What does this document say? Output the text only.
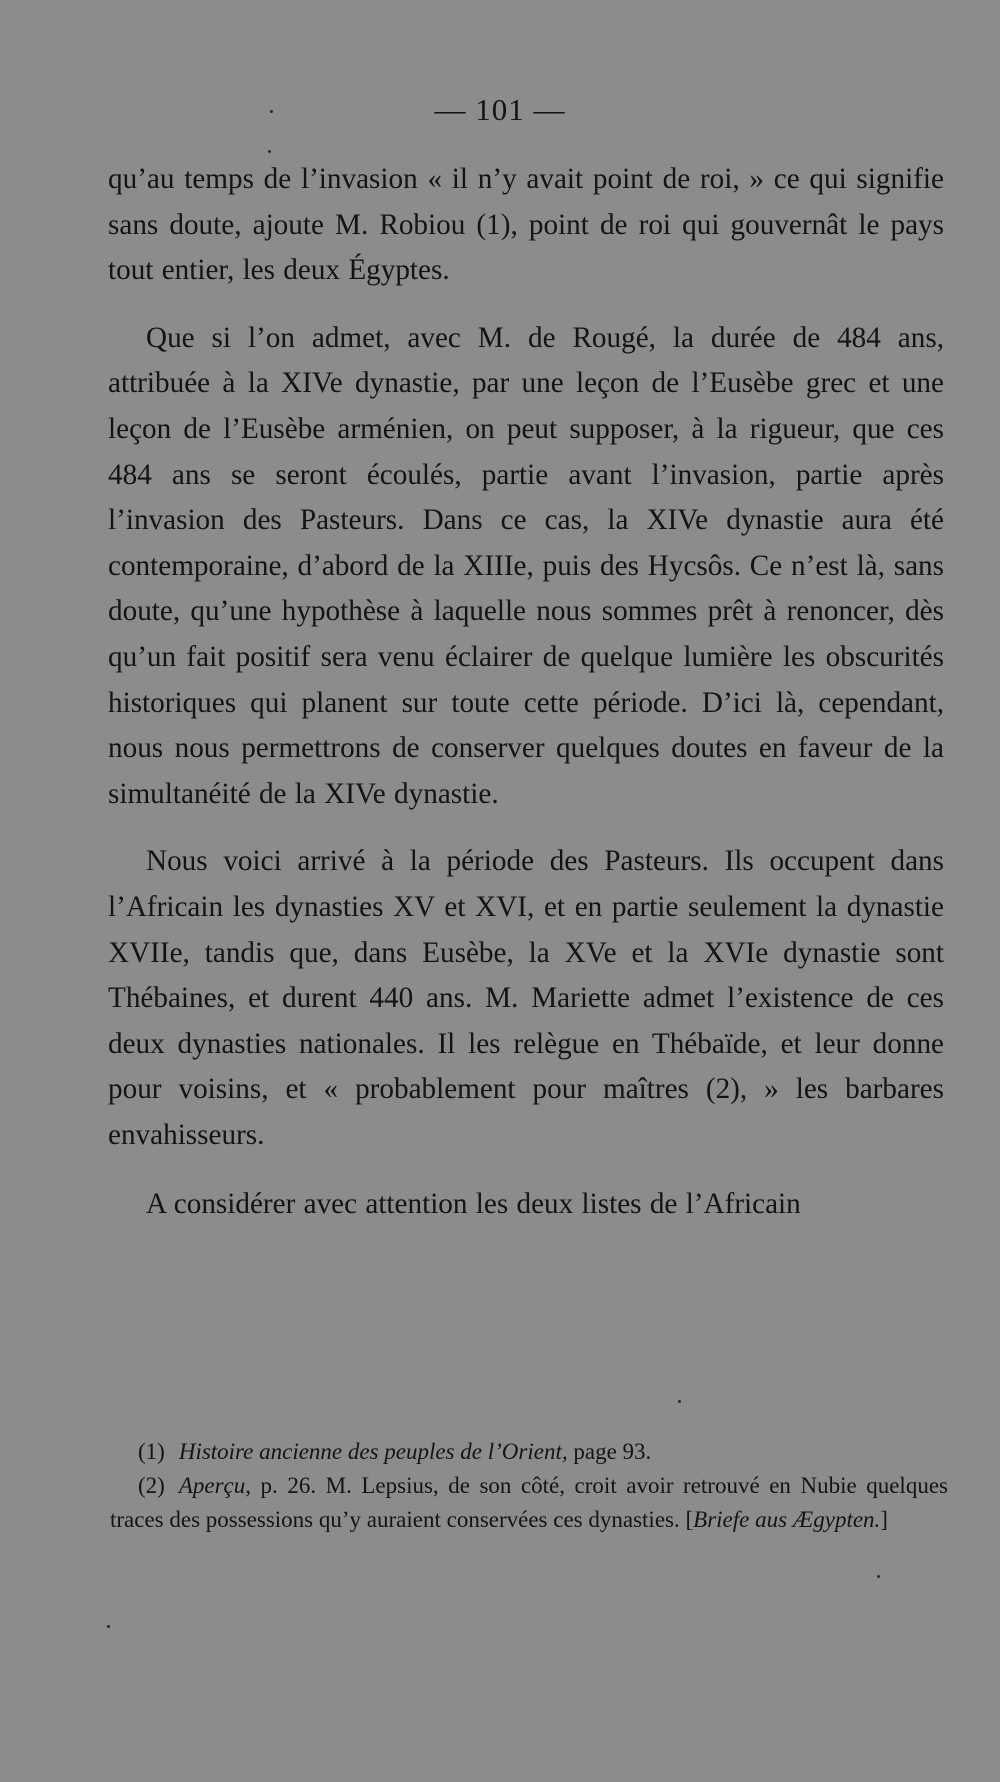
— 101 —

qu’au temps de l’invasion « il n’y avait point de roi, » ce qui signifie sans doute, ajoute M. Robiou (1), point de roi qui gouvernât le pays tout entier, les deux Égyptes.

Que si l’on admet, avec M. de Rougé, la durée de 484 ans, attribuée à la XIVe dynastie, par une leçon de l’Eusèbe grec et une leçon de l’Eusèbe arménien, on peut supposer, à la rigueur, que ces 484 ans se seront écoulés, partie avant l’invasion, partie après l’invasion des Pasteurs. Dans ce cas, la XIVe dynastie aura été contemporaine, d’abord de la XIIIe, puis des Hycsôs. Ce n’est là, sans doute, qu’une hypothèse à laquelle nous sommes prêt à renoncer, dès qu’un fait positif sera venu éclairer de quelque lumière les obscurités historiques qui planent sur toute cette période. D’ici là, cependant, nous nous permettrons de conserver quelques doutes en faveur de la simultanéité de la XIVe dynastie.

Nous voici arrivé à la période des Pasteurs. Ils occupent dans l’Africain les dynasties XV et XVI, et en partie seulement la dynastie XVIIe, tandis que, dans Eusèbe, la XVe et la XVIe dynastie sont Thébaines, et durent 440 ans. M. Mariette admet l’existence de ces deux dynasties nationales. Il les relègue en Thébaïde, et leur donne pour voisins, et « probablement pour maîtres (2), » les barbares envahisseurs.

A considérer avec attention les deux listes de l’Africain

(1) Histoire ancienne des peuples de l’Orient, page 93.

(2) Aperçu, p. 26. M. Lepsius, de son côté, croit avoir retrouvé en Nubie quelques traces des possessions qu’y auraient conservées ces dynasties. [Briefe aus Ægypten.]
